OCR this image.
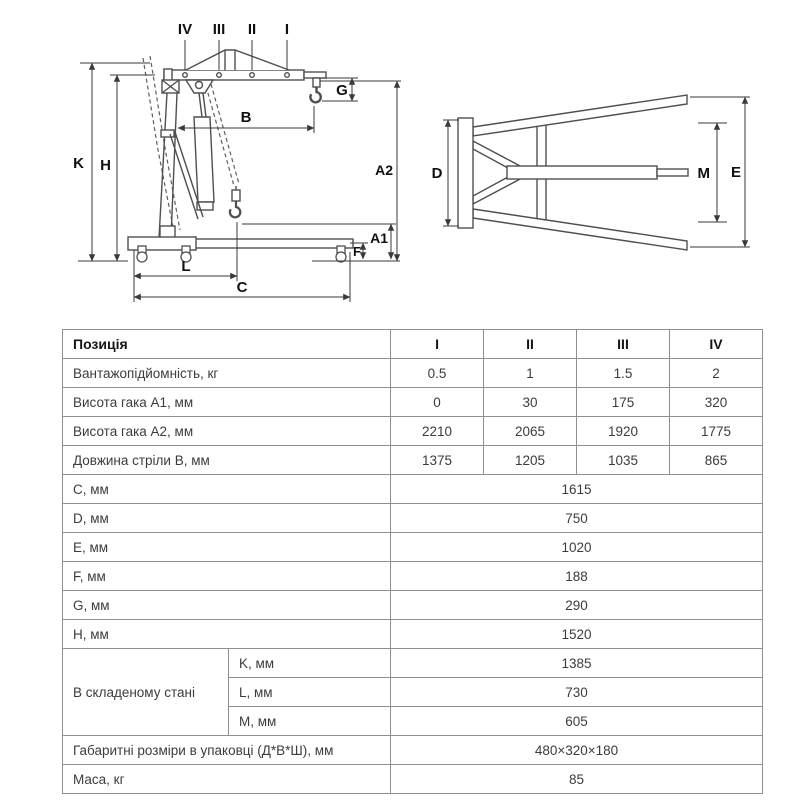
IV III II I
K H
B
G
A2
A1
F
L
C
D	M E
Позиція		I	II	III	IV
Вантажопідйомність, кг		0.5	1	1.5	2
Висота гака A1, мм		0	30	175	320
Висота гака A2, мм		2210	2065	1920	1775
Довжина стріли B, мм		1375	1205	1035	865
C, мм		1615			
D, мм		750			
E, мм		1020			
F, мм		188			
G, мм		290			
H, мм		1520			
В складеному стані	K, мм	1385			
	L, мм	730			
	M, мм	605			
Габаритні розміри в упаковці (Д*В*Ш), мм		480×320×180			
Маса, кг		85			
